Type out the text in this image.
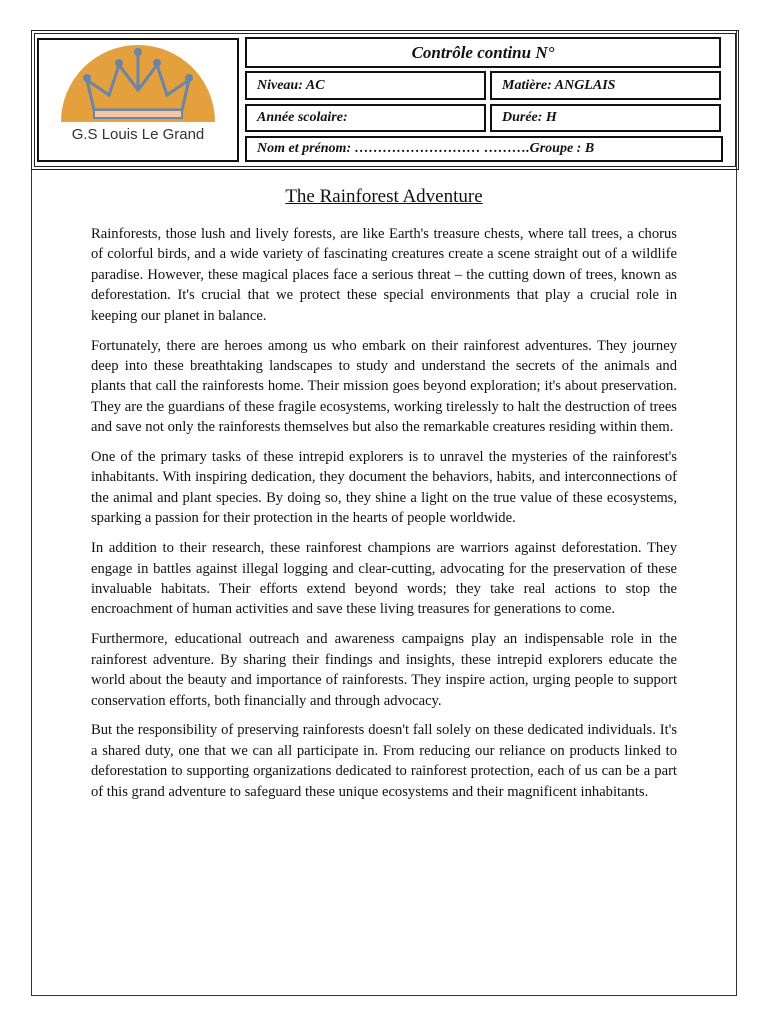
G.S Louis Le Grand
Contrôle continu N°
Niveau: AC	Matière: ANGLAIS
Année scolaire:	Durée: H
Nom et prénom: ……………………… ……….Groupe : B
The Rainforest Adventure

Rainforests, those lush and lively forests, are like Earth's treasure chests, where tall trees, a chorus of colorful birds, and a wide variety of fascinating creatures create a scene straight out of a wildlife paradise. However, these magical places face a serious threat – the cutting down of trees, known as deforestation. It's crucial that we protect these special environments that play a crucial role in keeping our planet in balance.

Fortunately, there are heroes among us who embark on their rainforest adventures. They journey deep into these breathtaking landscapes to study and understand the secrets of the animals and plants that call the rainforests home. Their mission goes beyond exploration; it's about preservation. They are the guardians of these fragile ecosystems, working tirelessly to halt the destruction of trees and save not only the rainforests themselves but also the remarkable creatures residing within them.

One of the primary tasks of these intrepid explorers is to unravel the mysteries of the rainforest's inhabitants. With inspiring dedication, they document the behaviors, habits, and interconnections of the animal and plant species. By doing so, they shine a light on the true value of these ecosystems, sparking a passion for their protection in the hearts of people worldwide.

In addition to their research, these rainforest champions are warriors against deforestation. They engage in battles against illegal logging and clear-cutting, advocating for the preservation of these invaluable habitats. Their efforts extend beyond words; they take real actions to stop the encroachment of human activities and save these living treasures for generations to come.

Furthermore, educational outreach and awareness campaigns play an indispensable role in the rainforest adventure. By sharing their findings and insights, these intrepid explorers educate the world about the beauty and importance of rainforests. They inspire action, urging people to support conservation efforts, both financially and through advocacy.

But the responsibility of preserving rainforests doesn't fall solely on these dedicated individuals. It's a shared duty, one that we can all participate in. From reducing our reliance on products linked to deforestation to supporting organizations dedicated to rainforest protection, each of us can be a part of this grand adventure to safeguard these unique ecosystems and their magnificent inhabitants.
